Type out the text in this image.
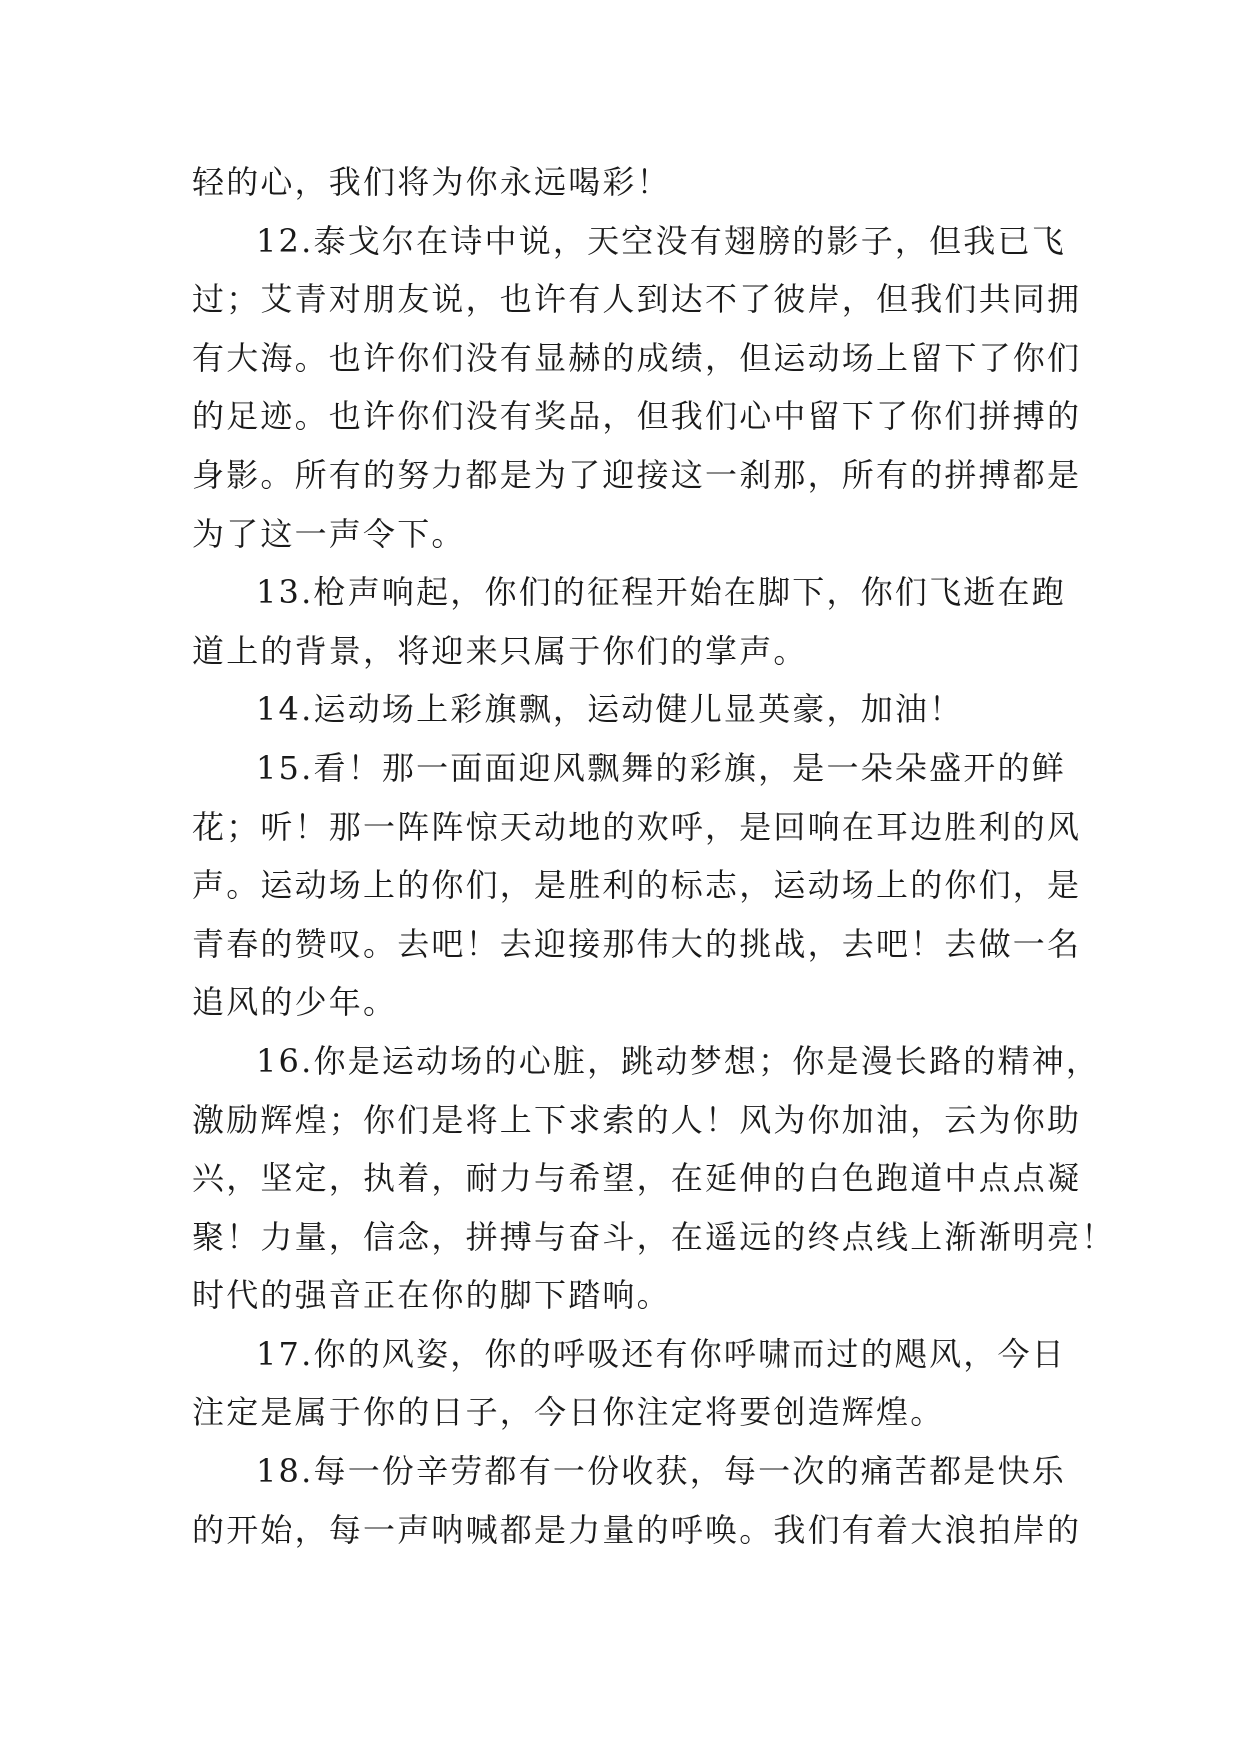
轻的心，我们将为你永远喝彩！
12.泰戈尔在诗中说，天空没有翅膀的影子，但我已飞
过；艾青对朋友说，也许有人到达不了彼岸，但我们共同拥
有大海。也许你们没有显赫的成绩，但运动场上留下了你们
的足迹。也许你们没有奖品，但我们心中留下了你们拼搏的
身影。所有的努力都是为了迎接这一刹那，所有的拼搏都是
为了这一声令下。
13.枪声响起，你们的征程开始在脚下，你们飞逝在跑
道上的背景，将迎来只属于你们的掌声。
14.运动场上彩旗飘，运动健儿显英豪，加油！
15.看！那一面面迎风飘舞的彩旗，是一朵朵盛开的鲜
花；听！那一阵阵惊天动地的欢呼，是回响在耳边胜利的风
声。运动场上的你们，是胜利的标志，运动场上的你们，是
青春的赞叹。去吧！去迎接那伟大的挑战，去吧！去做一名
追风的少年。
16.你是运动场的心脏，跳动梦想；你是漫长路的精神，
激励辉煌；你们是将上下求索的人！风为你加油，云为你助
兴，坚定，执着，耐力与希望，在延伸的白色跑道中点点凝
聚！力量，信念，拼搏与奋斗，在遥远的终点线上渐渐明亮！
时代的强音正在你的脚下踏响。
17.你的风姿，你的呼吸还有你呼啸而过的飓风，今日
注定是属于你的日子，今日你注定将要创造辉煌。
18.每一份辛劳都有一份收获，每一次的痛苦都是快乐
的开始，每一声呐喊都是力量的呼唤。我们有着大浪拍岸的
